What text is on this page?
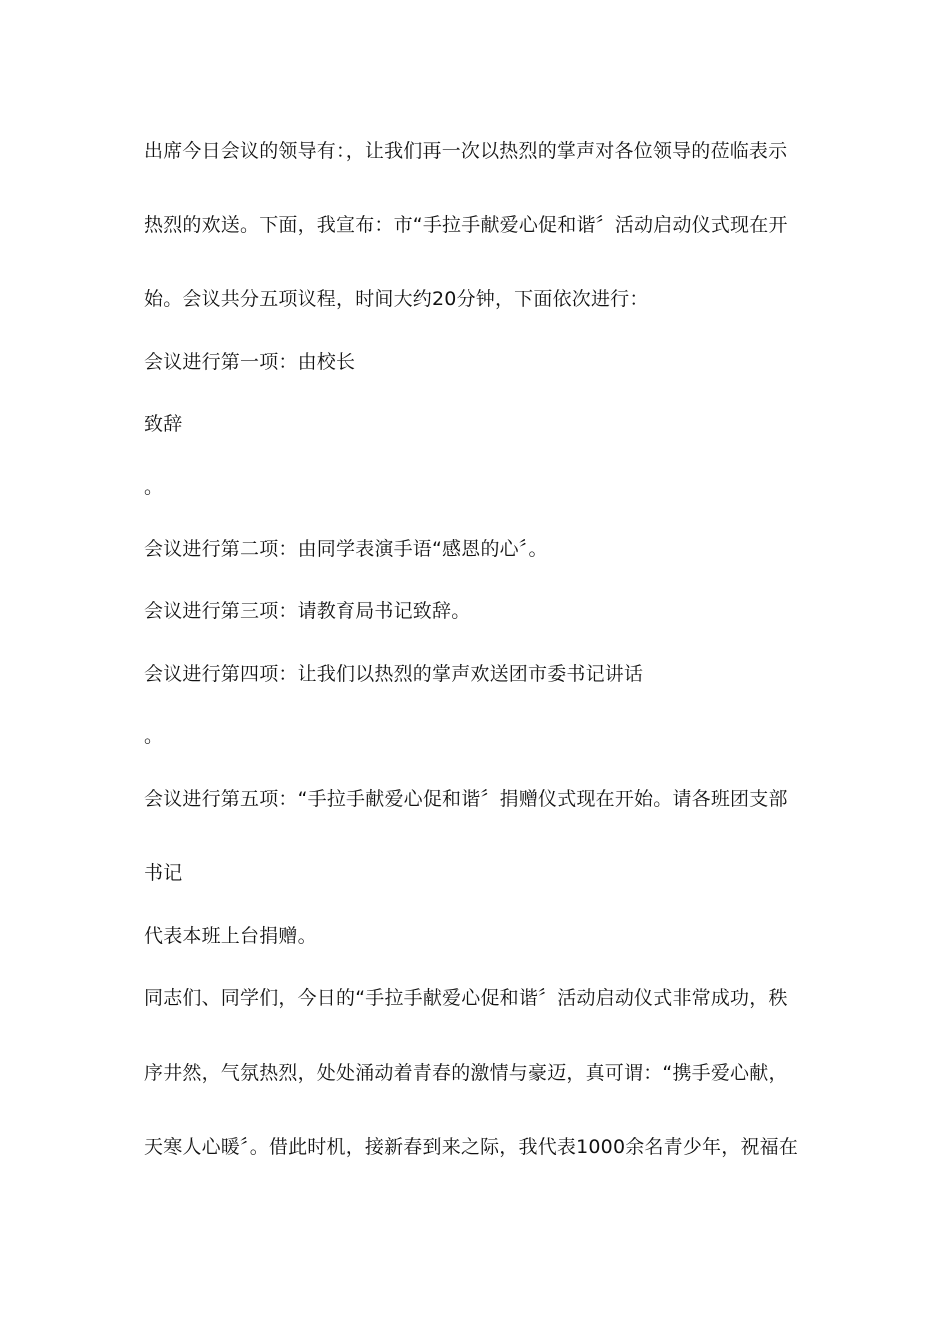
出席今日会议的领导有：，让我们再一次以热烈的掌声对各位领导的莅临表示
热烈的欢送。下面，我宣布：市“手拉手献爱心促和谐〞活动启动仪式现在开
始。会议共分五项议程，时间大约20分钟，下面依次进行：
会议进行第一项：由校长
致辞
。
会议进行第二项：由同学表演手语“感恩的心〞。
会议进行第三项：请教育局书记致辞。
会议进行第四项：让我们以热烈的掌声欢送团市委书记讲话
。
会议进行第五项：“手拉手献爱心促和谐〞捐赠仪式现在开始。请各班团支部
书记
代表本班上台捐赠。
同志们、同学们，今日的“手拉手献爱心促和谐〞活动启动仪式非常成功，秩
序井然，气氛热烈，处处涌动着青春的激情与豪迈，真可谓：“携手爱心献，
天寒人心暖〞。借此时机，接新春到来之际，我代表1000余名青少年，祝福在
